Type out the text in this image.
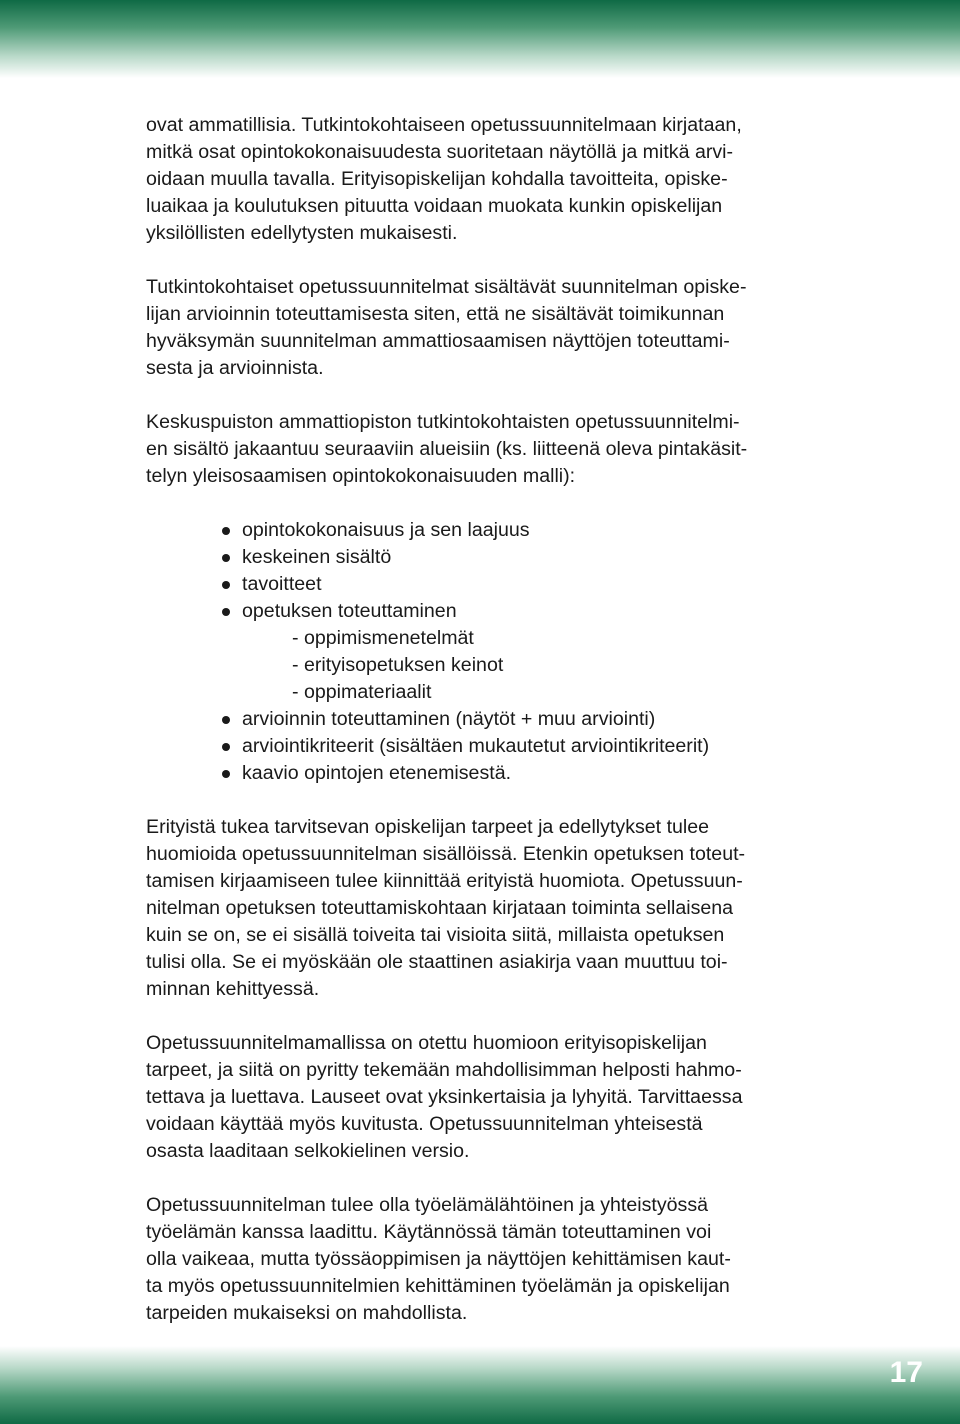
ovat ammatillisia. Tutkintokohtaiseen opetussuunnitelmaan kirjataan,
mitkä osat opintokokonaisuudesta suoritetaan näytöllä ja mitkä arvi-
oidaan muulla tavalla. Erityisopiskelijan kohdalla tavoitteita, opiske-
luaikaa ja koulutuksen pituutta voidaan muokata kunkin opiskelijan
yksilöllisten edellytysten mukaisesti.

Tutkintokohtaiset opetussuunnitelmat sisältävät suunnitelman opiske-
lijan arvioinnin toteuttamisesta siten, että ne sisältävät toimikunnan
hyväksymän suunnitelman ammattiosaamisen näyttöjen toteuttami-
sesta ja arvioinnista.

Keskuspuiston ammattiopiston tutkintokohtaisten opetussuunnitelmi-
en sisältö jakaantuu seuraaviin alueisiin (ks. liitteenä oleva pintakäsit-
telyn yleisosaamisen opintokokonaisuuden malli):

opintokokonaisuus ja sen laajuus
keskeinen sisältö
tavoitteet
opetuksen toteuttaminen
- oppimismenetelmät
- erityisopetuksen keinot
- oppimateriaalit
arvioinnin toteuttaminen (näytöt + muu arviointi)
arviointikriteerit (sisältäen mukautetut arviointikriteerit)
kaavio opintojen etenemisestä.

Erityistä tukea tarvitsevan opiskelijan tarpeet ja edellytykset tulee
huomioida opetussuunnitelman sisällöissä. Etenkin opetuksen toteut-
tamisen kirjaamiseen tulee kiinnittää erityistä huomiota. Opetussuun-
nitelman opetuksen toteuttamiskohtaan kirjataan toiminta sellaisena
kuin se on, se ei sisällä toiveita tai visioita siitä, millaista opetuksen
tulisi olla. Se ei myöskään ole staattinen asiakirja vaan muuttuu toi-
minnan kehittyessä.

Opetussuunnitelmamallissa on otettu huomioon erityisopiskelijan
tarpeet, ja siitä on pyritty tekemään mahdollisimman helposti hahmo-
tettava ja luettava. Lauseet ovat yksinkertaisia ja lyhyitä. Tarvittaessa
voidaan käyttää myös kuvitusta. Opetussuunnitelman yhteisestä
osasta laaditaan selkokielinen versio.

Opetussuunnitelman tulee olla työelämälähtöinen ja yhteistyössä
työelämän kanssa laadittu. Käytännössä tämän toteuttaminen voi
olla vaikeaa, mutta työssäoppimisen ja näyttöjen kehittämisen kaut-
ta myös opetussuunnitelmien kehittäminen työelämän ja opiskelijan
tarpeiden mukaiseksi on mahdollista.

17
